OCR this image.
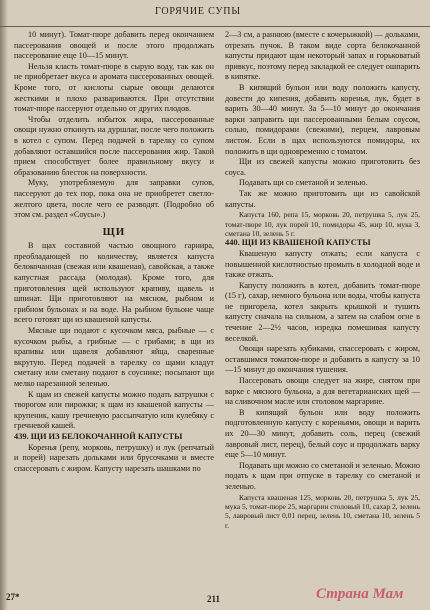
ГОРЯЧИЕ СУПЫ

10 минут). Томат-пюре добавить перед окончанием пассерования овощей и после этого продолжать пассерование еще 10—15 минут.

Нельзя класть томат-пюре в сырую воду, так как он не приобретает вкуса и аромата пассерованных овощей. Кроме того, от кислоты сырые овощи делаются жесткими и плохо развариваются. При отсутствии томат-пюре пассеруют отдельно от других плодов.

Чтобы отделить избыток жира, пассерованные овощи нужно откинуть на дуршлаг, после чего положить в котел с супом. Перед подачей в тарелку со супом добавляют оставшийся после пассерования жир. Такой прием способствует более правильному вкусу и образованию блесток на поверхности.

Муку, употребляемую для заправки супов, пассеруют до тех пор, пока она не приобретет светло-желтого цвета, после чего ее разводят. (Подробно об этом см. раздел «Соусы».)

ЩИ

В щах составной частью овощного гарнира, преобладающей по количеству, является капуста белокочанная (свежая или квашеная), савойская, а также капустная рассада (молодая). Кроме того, для приготовления щей используют крапиву, щавель и шпинат. Щи приготовляют на мясном, рыбном и грибном бульонах и на воде. На рыбном бульоне чаще всего готовят щи из квашеной капусты.

Мясные щи подают с кусочком мяса, рыбные — с кусочком рыбы, а грибные — с грибами; в щи из крапивы или щавеля добавляют яйца, сваренные вкрутую. Перед подачей в тарелку со щами кладут сметану или сметану подают в соуснике; посыпают щи мелко нарезанной зеленью.

К щам из свежей капусты можно подать ватрушки с творогом или пирожки; к щам из квашеной капусты — крупеник, кашу гречневую рассыпчатую или кулебяку с гречневой кашей.

439. ЩИ ИЗ БЕЛОКОЧАННОЙ КАПУСТЫ

Коренья (репу, морковь, петрушку) и лук (репчатый и порей) нарезать дольками или брусочками и вместе спассеровать с жиром. Капусту нарезать шашками по

2—3 см, а раннюю (вместе с кочерыжкой) — дольками, отрезать пучок. В таком виде сорта белокочанной капусты придают щам некоторый запах и горьковатый привкус, поэтому перед закладкой ее следует ошпарить в кипятке.

В кипящий бульон или воду положить капусту, довести до кипения, добавить коренья, лук, будет в варить 30—40 минут. За 5—10 минут до окончания варки заправить щи пассерованными белым соусом, солью, помидорами (свежими), перцем, лавровым листом. Если в щах используются помидоры, их положить в щи одновременно с томатом.

Щи из свежей капусты можно приготовить без соуса.

Подавать щи со сметаной и зеленью.

Так же можно приготовить щи из савойской капусты.

Капуста 160, репа 15, морковь 20, петрушка 5, лук 25, томат-пюре 10, лук порей 10, помидоры 45, жир 10, мука 3, сметана 10, зелень 5 г.

440. ЩИ ИЗ КВАШЕНОЙ КАПУСТЫ

Квашеную капусту отжать; если капуста с повышенной кислотностью промыть в холодной воде и также отжать.

Капусту положить в котел, добавить томат-пюре (15 г), сахар, немного бульона или воды, чтобы капуста не пригорела, котел закрыть крышкой и тушить капусту сначала на сильном, а затем на слабом огне в течение 2—2½ часов, изредка помешивая капусту веселкой.

Овощи нарезать кубиками, спассеровать с жиром, оставшимся томатом-пюре и добавить в капусту за 10—15 минут до окончания тушения.

Пассеровать овощи следует на жире, снятом при варке с мясного бульона, а для вегетарианских щей — на сливочном масле или столовом маргарине.

В кипящий бульон или воду положить подготовленную капусту с кореньями, овощи и варить их 20—30 минут, добавить соль, перец (свежий лавровый лист, перец), белый соус и продолжать варку еще 5—10 минут.

Подавать щи можно со сметаной и зеленью. Можно подать к щам при отпуске в тарелку со сметаной и зеленью.

Капуста квашеная 125, морковь 20, петрушка 5, лук 25, мука 5, томат-пюре 25, маргарин столовый 10, сахар 2, зелень 5, лавровый лист 0,01 перец, зелень 10, сметана 10, зелень 5 г.

27*	211	Страна Мам
